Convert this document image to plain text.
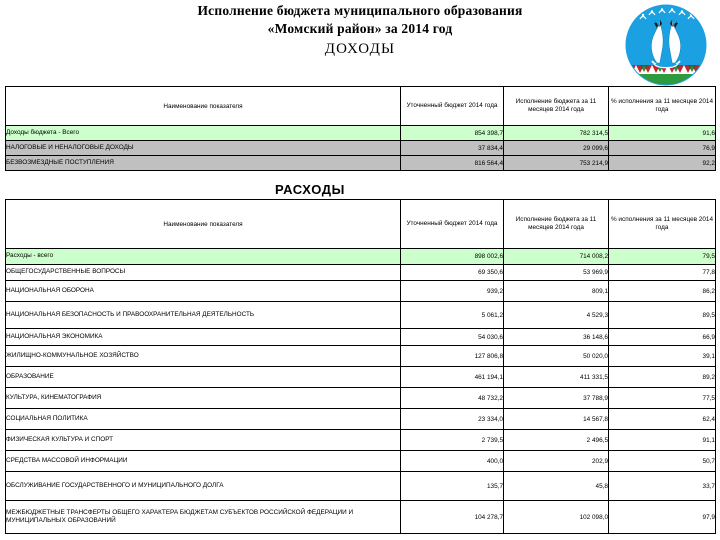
Исполнение бюджета муниципального образования
«Момский район» за 2014 год
ДОХОДЫ
Наименование показателя	Уточненный бюджет 2014 года	Исполнение бюджета за 11 месяцев 2014 года	% исполнения за 11 месяцев 2014 года
Доходы бюджета - Всего	854 398,7	782 314,5	91,6
НАЛОГОВЫЕ И НЕНАЛОГОВЫЕ ДОХОДЫ	37 834,4	29 099,6	76,9
БЕЗВОЗМЕЗДНЫЕ ПОСТУПЛЕНИЯ	816 564,4	753 214,9	92,2
РАСХОДЫ
Наименование показателя	Уточненный бюджет 2014 года	Исполнение бюджета за 11 месяцев 2014 года	% исполнения за 11 месяцев 2014 года
Расходы - всего	898 002,6	714 008,2	79,5
ОБЩЕГОСУДАРСТВЕННЫЕ ВОПРОСЫ	69 350,6	53 969,9	77,8
НАЦИОНАЛЬНАЯ ОБОРОНА	939,2	809,1	86,2
НАЦИОНАЛЬНАЯ БЕЗОПАСНОСТЬ И ПРАВООХРАНИТЕЛЬНАЯ ДЕЯТЕЛЬНОСТЬ	5 061,2	4 529,3	89,5
НАЦИОНАЛЬНАЯ ЭКОНОМИКА	54 030,6	36 148,6	66,9
ЖИЛИЩНО-КОММУНАЛЬНОЕ ХОЗЯЙСТВО	127 806,8	50 020,0	39,1
ОБРАЗОВАНИЕ	461 194,1	411 331,5	89,2
КУЛЬТУРА, КИНЕМАТОГРАФИЯ	48 732,2	37 788,9	77,5
СОЦИАЛЬНАЯ ПОЛИТИКА	23 334,0	14 567,8	62,4
ФИЗИЧЕСКАЯ КУЛЬТУРА И СПОРТ	2 739,5	2 496,5	91,1
СРЕДСТВА МАССОВОЙ ИНФОРМАЦИИ	400,0	202,9	50,7
ОБСЛУЖИВАНИЕ ГОСУДАРСТВЕННОГО И МУНИЦИПАЛЬНОГО ДОЛГА	135,7	45,8	33,7
МЕЖБЮДЖЕТНЫЕ ТРАНСФЕРТЫ ОБЩЕГО ХАРАКТЕРА БЮДЖЕТАМ СУБЪЕКТОВ РОССИЙСКОЙ ФЕДЕРАЦИИ И МУНИЦИПАЛЬНЫХ ОБРАЗОВАНИЙ	104 278,7	102 098,0	97,9
